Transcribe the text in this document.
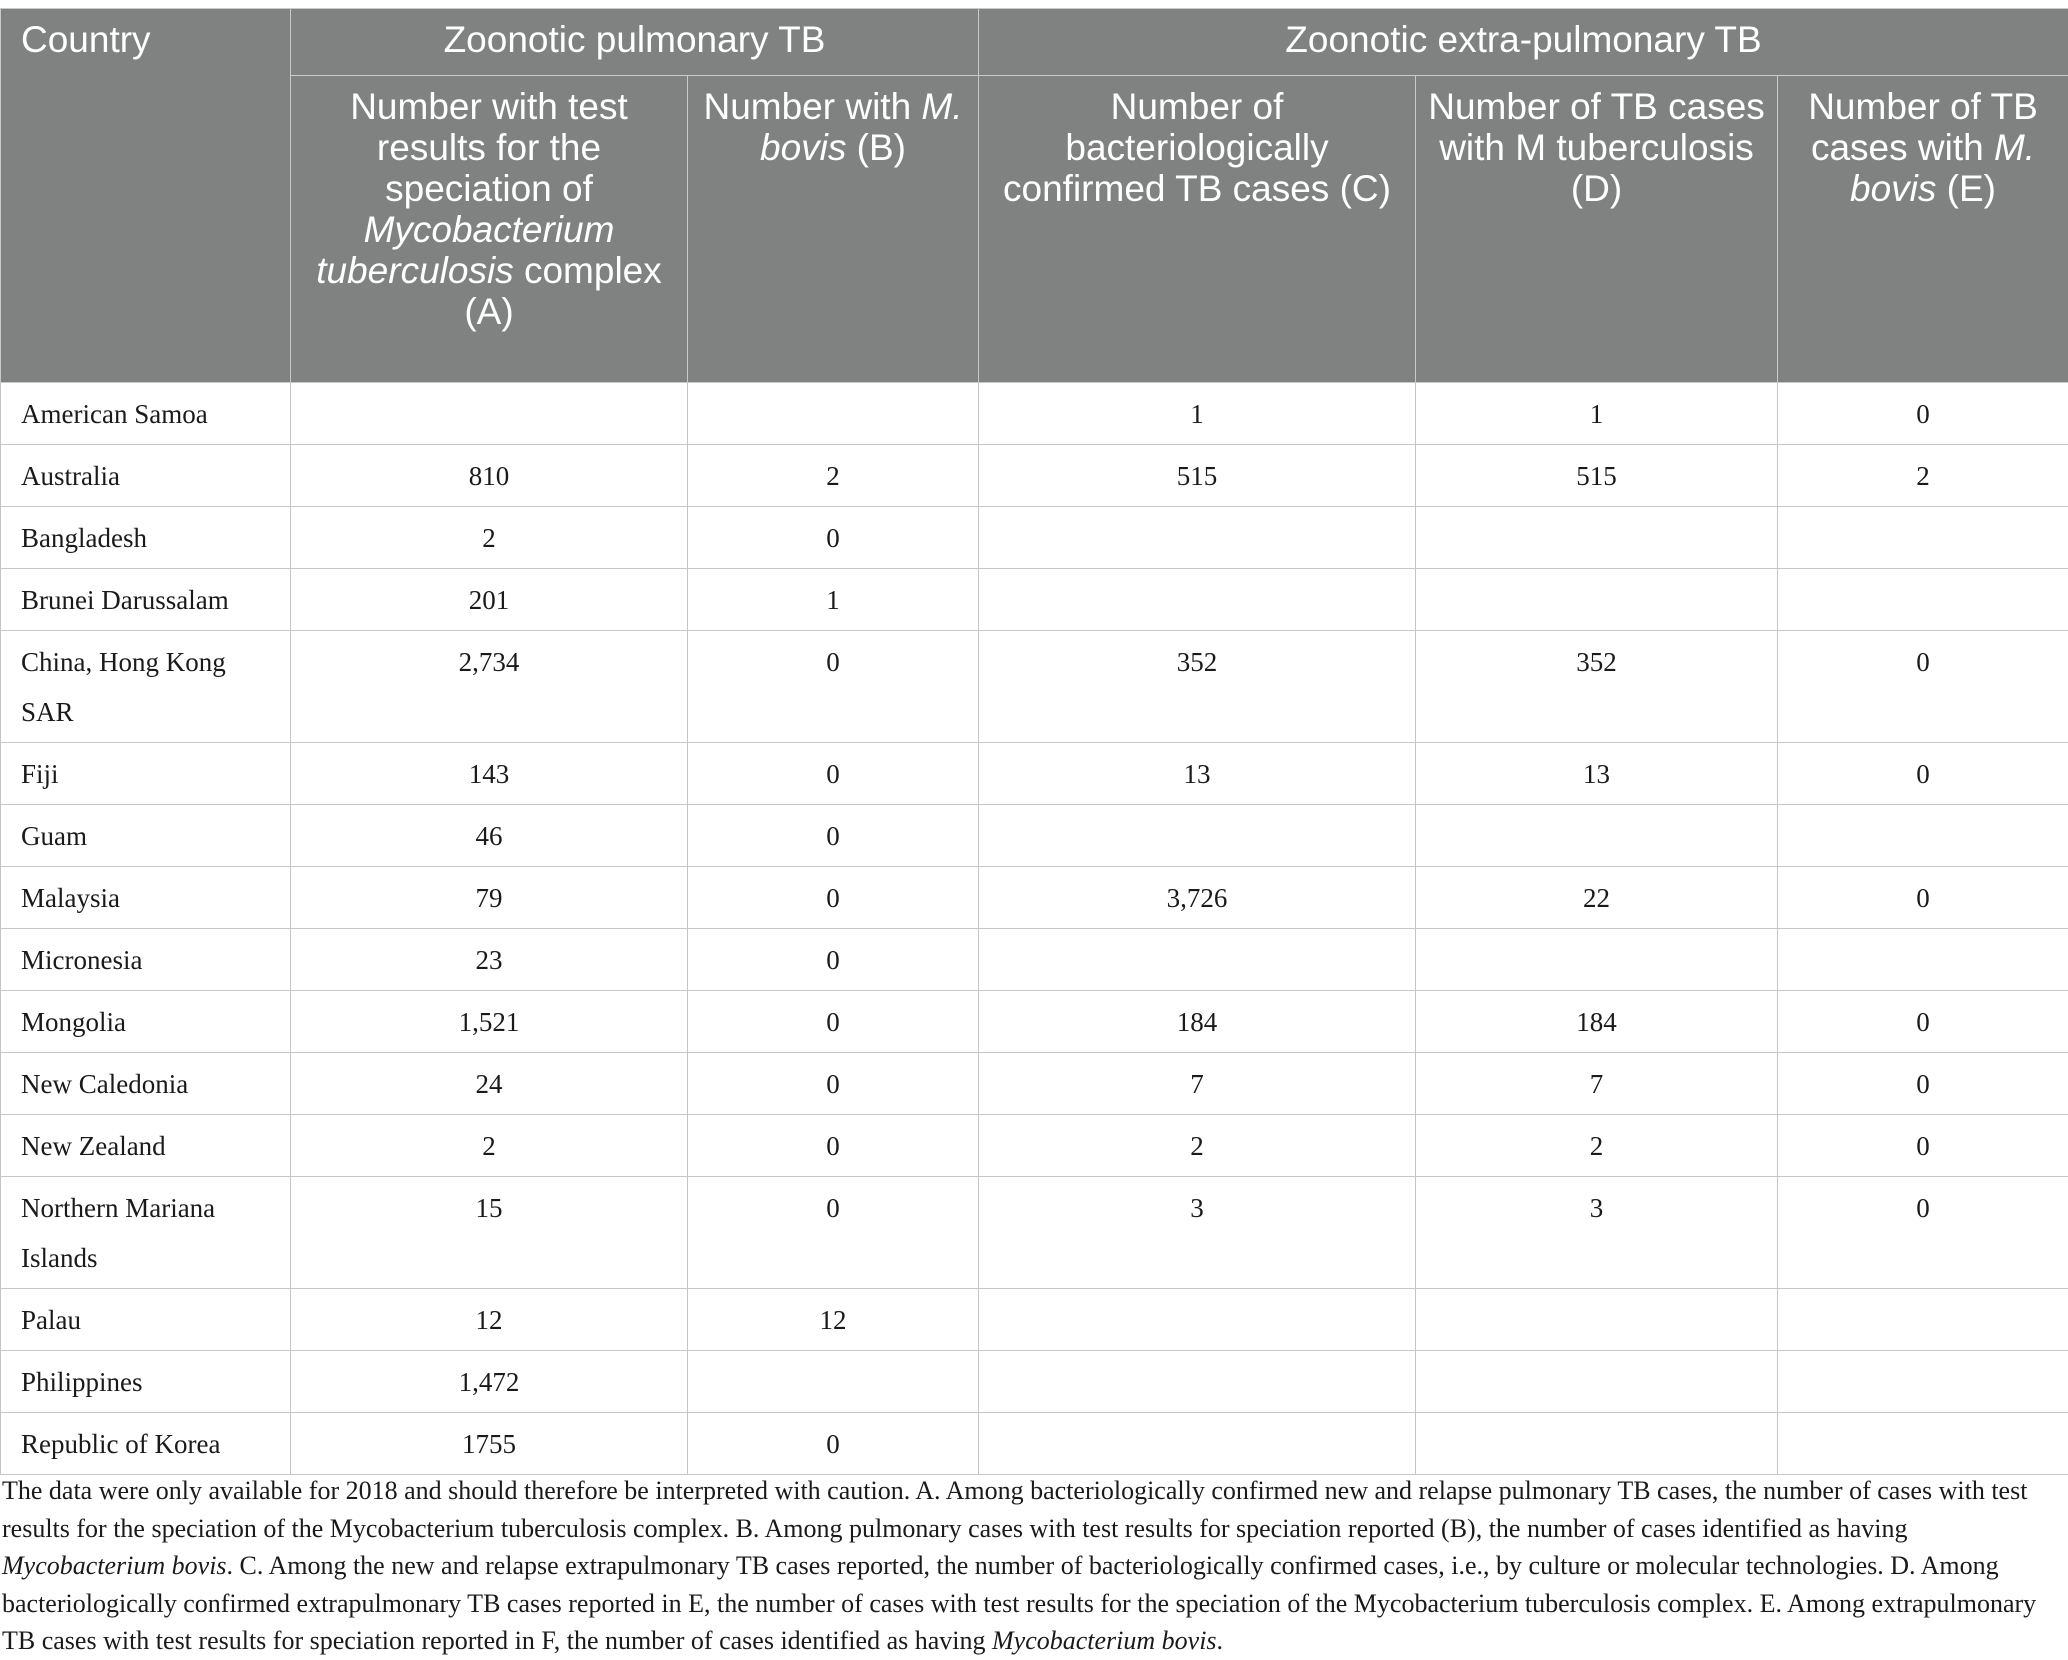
Country	Zoonotic pulmonary TB		Zoonotic extra-pulmonary TB		
	Number with test results for the speciation of Mycobacterium tuberculosis complex (A)	Number with M. bovis (B)	Number of bacteriologically confirmed TB cases (C)	Number of TB cases with M tuberculosis (D)	Number of TB cases with M. bovis (E)
American Samoa			1	1	0
Australia	810	2	515	515	2
Bangladesh	2	0			
Brunei Darussalam	201	1			
China, Hong Kong SAR	2,734	0	352	352	0
Fiji	143	0	13	13	0
Guam	46	0			
Malaysia	79	0	3,726	22	0
Micronesia	23	0			
Mongolia	1,521	0	184	184	0
New Caledonia	24	0	7	7	0
New Zealand	2	0	2	2	0
Northern Mariana Islands	15	0	3	3	0
Palau	12	12			
Philippines	1,472				
Republic of Korea	1755	0			

The data were only available for 2018 and should therefore be interpreted with caution. A. Among bacteriologically confirmed new and relapse pulmonary TB cases, the number of cases with test results for the speciation of the Mycobacterium tuberculosis complex. B. Among pulmonary cases with test results for speciation reported (B), the number of cases identified as having Mycobacterium bovis. C. Among the new and relapse extrapulmonary TB cases reported, the number of bacteriologically confirmed cases, i.e., by culture or molecular technologies. D. Among bacteriologically confirmed extrapulmonary TB cases reported in E, the number of cases with test results for the speciation of the Mycobacterium tuberculosis complex. E. Among extrapulmonary TB cases with test results for speciation reported in F, the number of cases identified as having Mycobacterium bovis.
